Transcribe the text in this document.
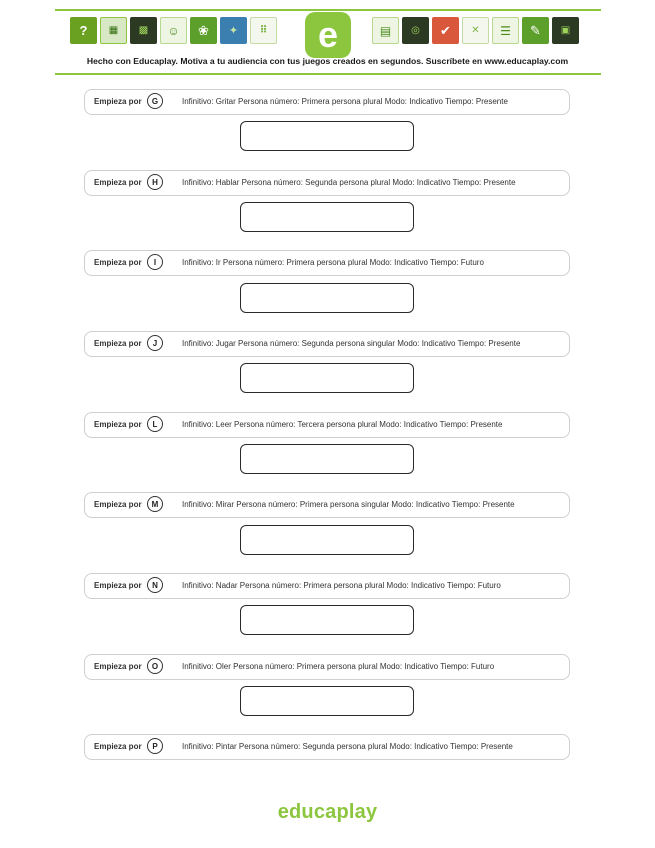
?	▦	▩	☺	❀	✦	⠿	e	▤	◎	✔	✕	☰	✎	▣
Hecho con Educaplay. Motiva a tu audiencia con tus juegos creados en segundos. Suscríbete en www.educaplay.com
Empieza por	G	Infinitivo: Gritar Persona número: Primera persona plural Modo: Indicativo Tiempo: Presente
Empieza por	H	Infinitivo: Hablar Persona número: Segunda persona plural Modo: Indicativo Tiempo: Presente
Empieza por	I	Infinitivo: Ir Persona número: Primera persona plural Modo: Indicativo Tiempo: Futuro
Empieza por	J	Infinitivo: Jugar Persona número: Segunda persona singular Modo: Indicativo Tiempo: Presente
Empieza por	L	Infinitivo: Leer Persona número: Tercera persona plural Modo: Indicativo Tiempo: Presente
Empieza por	M	Infinitivo: Mirar Persona número: Primera persona singular Modo: Indicativo Tiempo: Presente
Empieza por	N	Infinitivo: Nadar Persona número: Primera persona plural Modo: Indicativo Tiempo: Futuro
Empieza por	O	Infinitivo: Oler Persona número: Primera persona plural Modo: Indicativo Tiempo: Futuro
Empieza por	P	Infinitivo: Pintar Persona número: Segunda persona plural Modo: Indicativo Tiempo: Presente
educaplay
